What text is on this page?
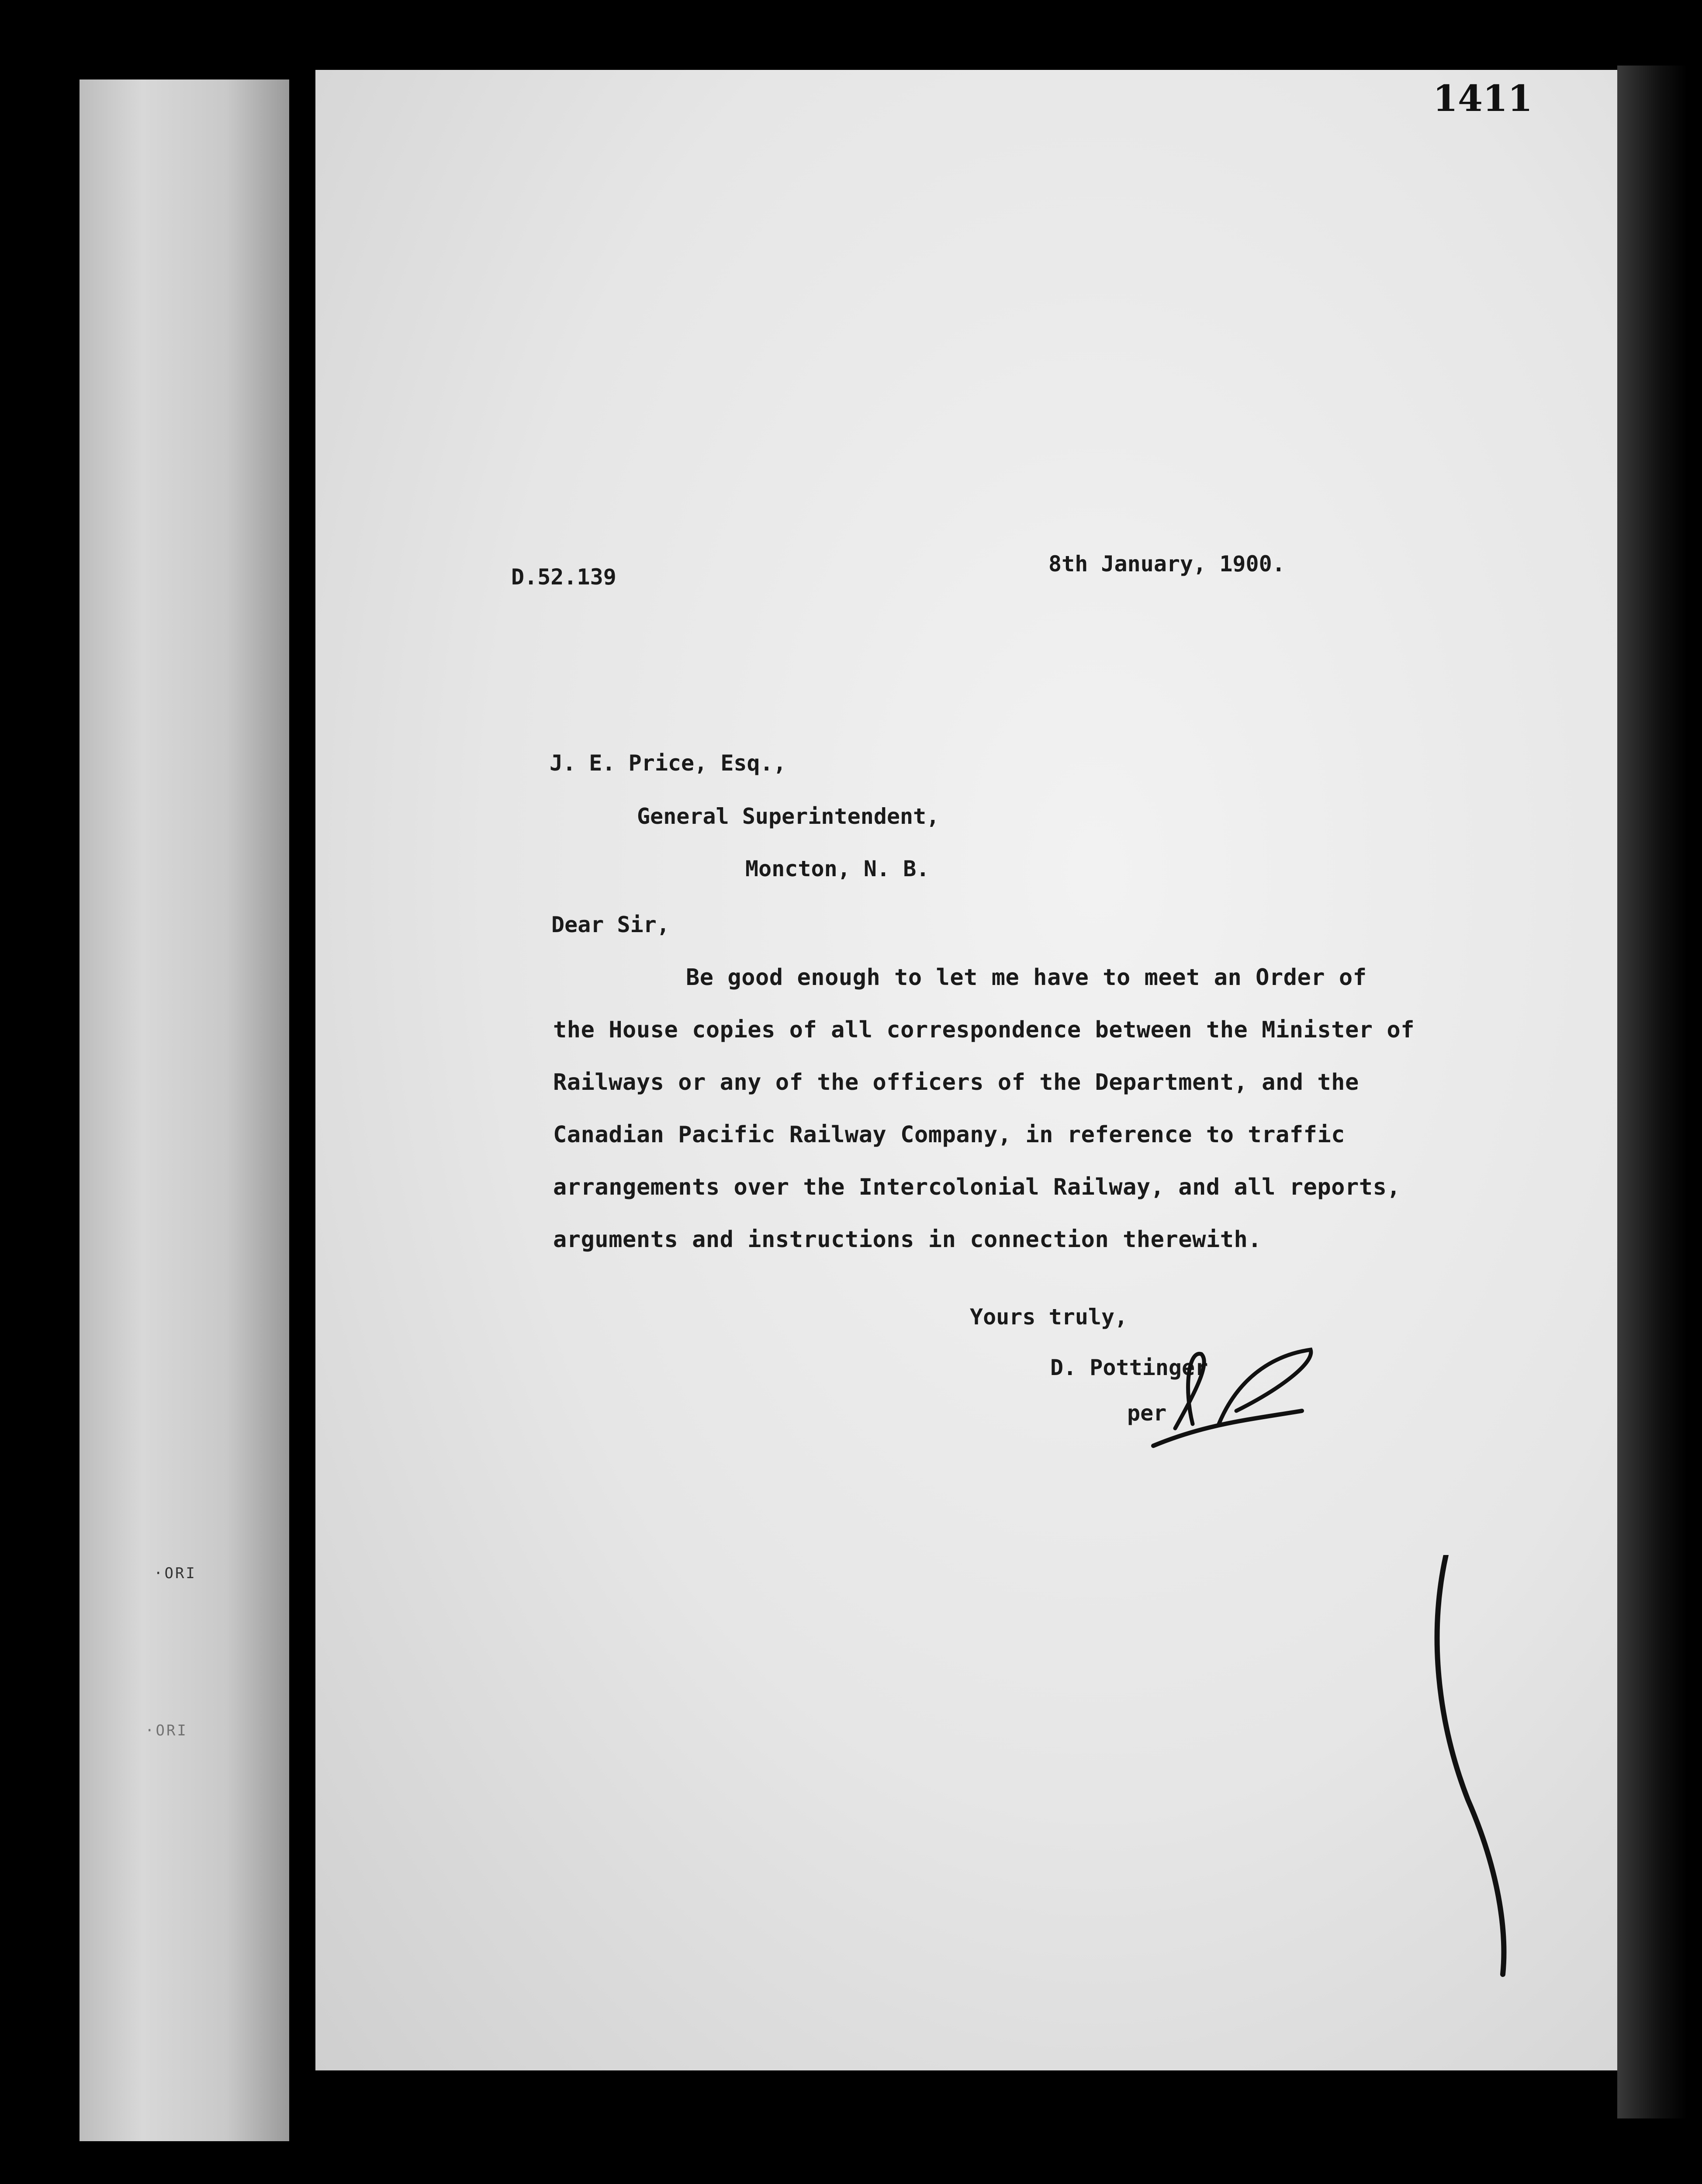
·ORI
·ORI
1411
D.52.139
8th January, 1900.
J. E. Price, Esq.,
General Superintendent,
Moncton, N. B.
Dear Sir,
Be good enough to let me have to meet an Order of
the House copies of all correspondence between the Minister of
Railways or any of the officers of the Department, and the
Canadian Pacific Railway Company, in reference to traffic
arrangements over the Intercolonial Railway, and all reports,
arguments and instructions in connection therewith.
Yours truly,
D. Pottinger
per
